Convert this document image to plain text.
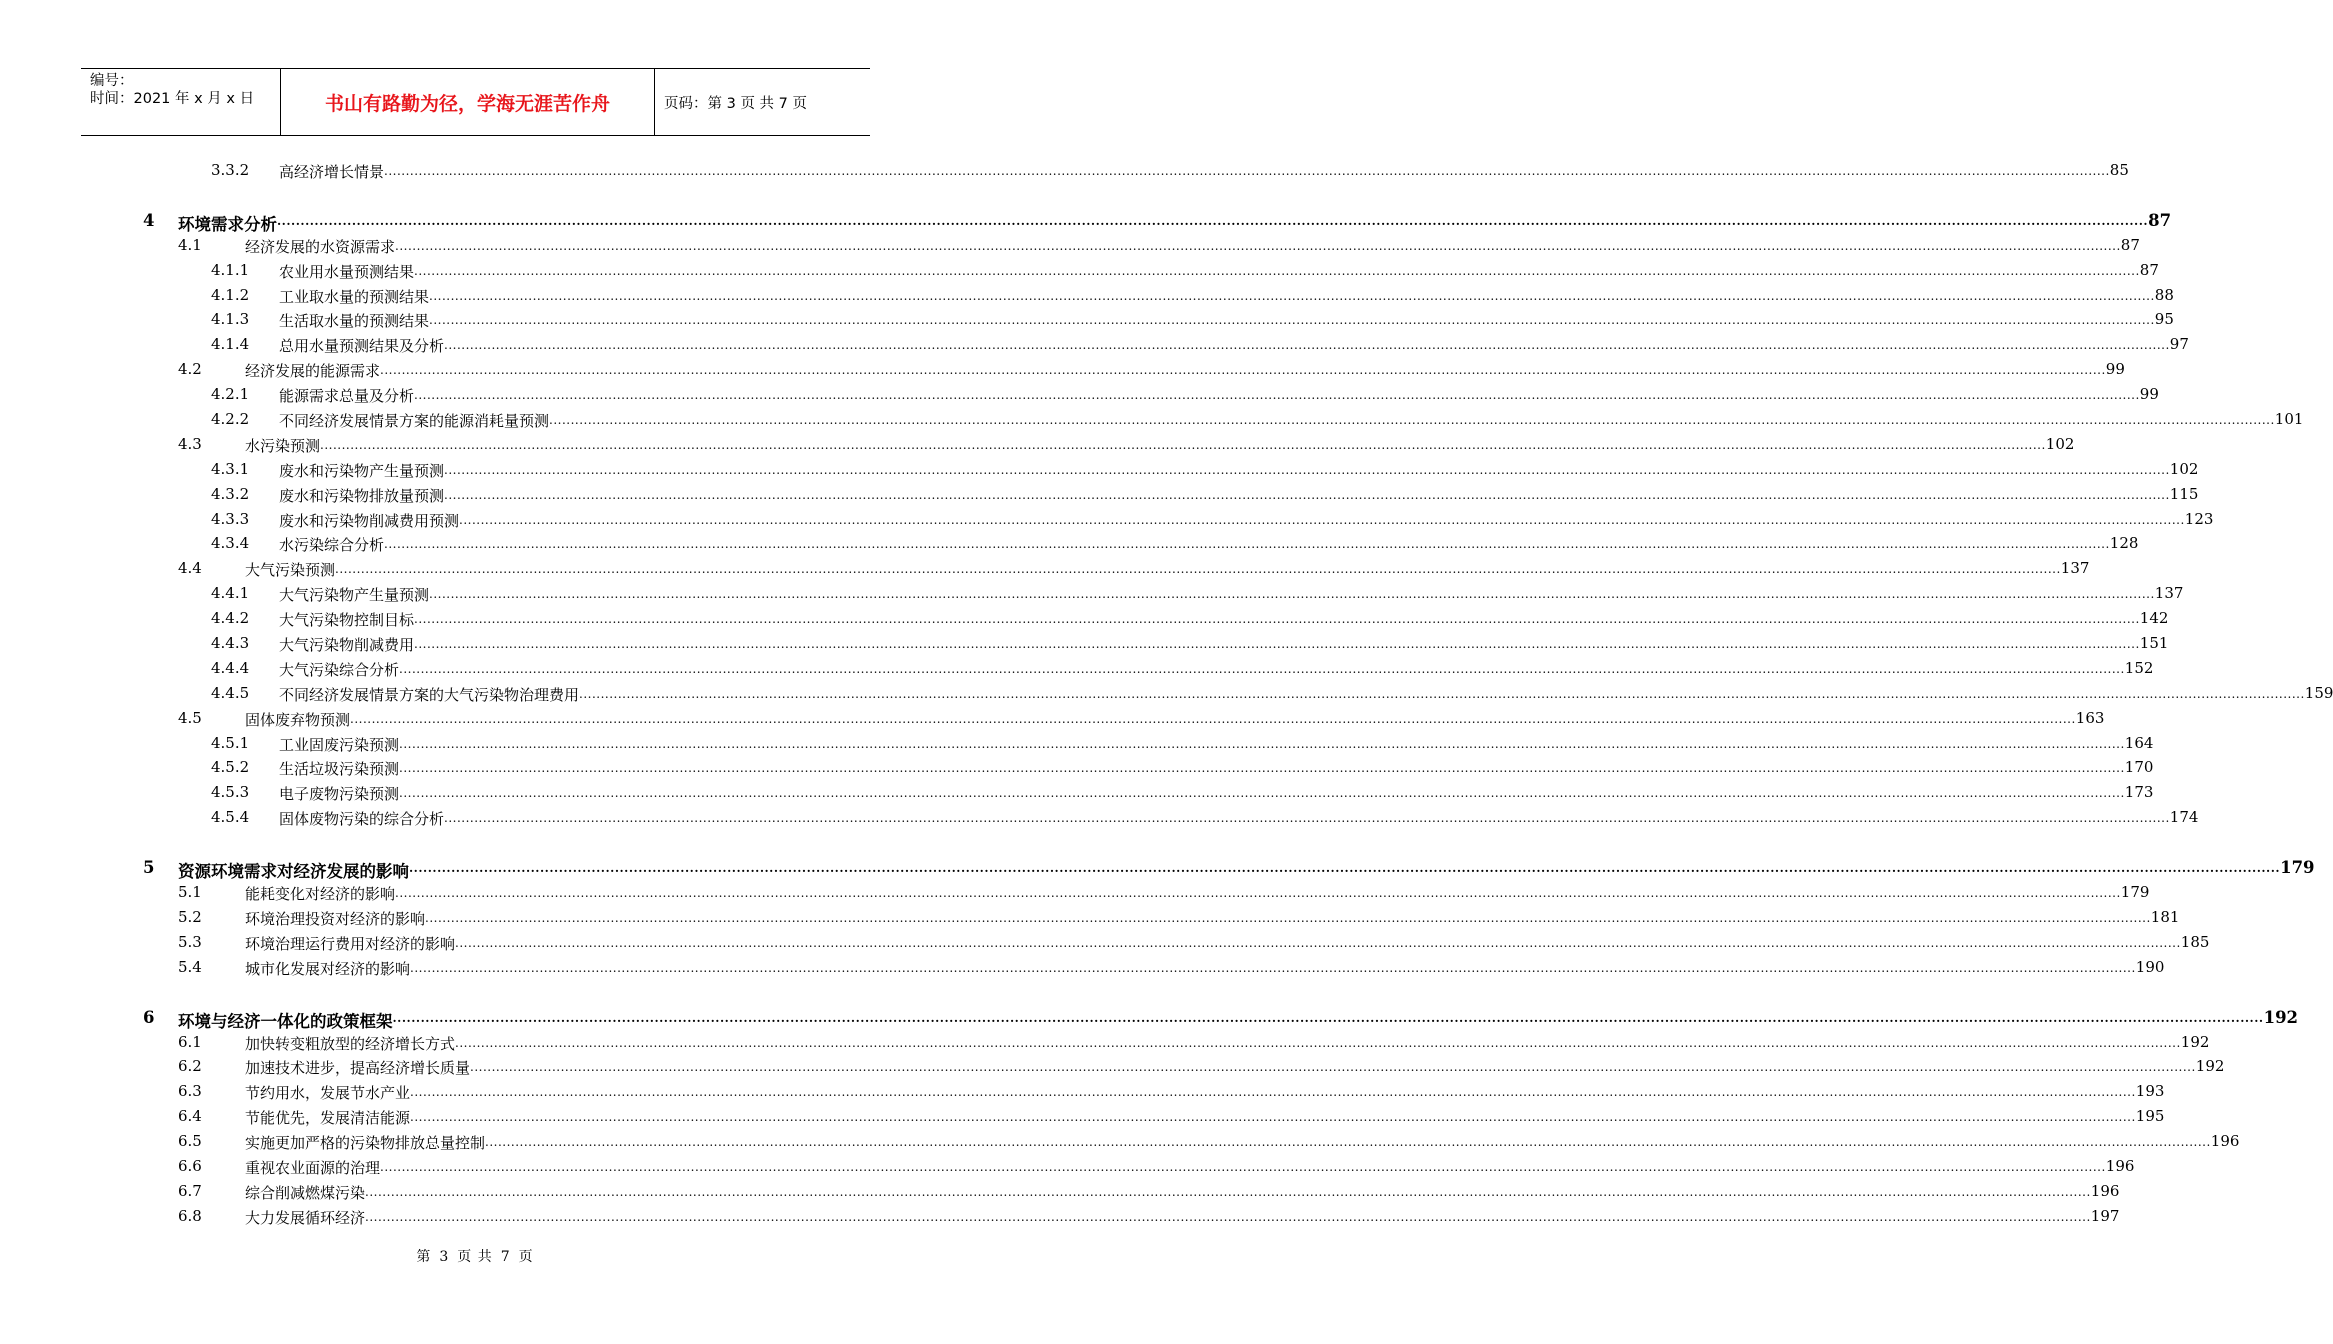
编号：
时间：2021 年 x 月 x 日	书山有路勤为径，学海无涯苦作舟	页码：第 3 页 共 7 页
3.3.2 高经济增长情景 ................................................................................................................................................................................................................................................................................................................................................................................................................ 85
4 环境需求分析 ................................................................................................................................................................................................................................................................................................................................................................................................................ 87
4.1	经济发展的水资源需求 ................................................................................................................................................................................................................................................................................................................................................................................................................ 87
4.1.1 农业用水量预测结果 ................................................................................................................................................................................................................................................................................................................................................................................................................ 87
4.1.2 工业取水量的预测结果 ................................................................................................................................................................................................................................................................................................................................................................................................................ 88
4.1.3 生活取水量的预测结果 ................................................................................................................................................................................................................................................................................................................................................................................................................ 95
4.1.4 总用水量预测结果及分析 ................................................................................................................................................................................................................................................................................................................................................................................................................ 97
4.2	经济发展的能源需求 ................................................................................................................................................................................................................................................................................................................................................................................................................ 99
4.2.1 能源需求总量及分析 ................................................................................................................................................................................................................................................................................................................................................................................................................ 99
4.2.2 不同经济发展情景方案的能源消耗量预测 ................................................................................................................................................................................................................................................................................................................................................................................................................ 101
4.3	水污染预测 ................................................................................................................................................................................................................................................................................................................................................................................................................ 102
4.3.1 废水和污染物产生量预测 ................................................................................................................................................................................................................................................................................................................................................................................................................ 102
4.3.2 废水和污染物排放量预测 ................................................................................................................................................................................................................................................................................................................................................................................................................ 115
4.3.3 废水和污染物削减费用预测 ................................................................................................................................................................................................................................................................................................................................................................................................................ 123
4.3.4 水污染综合分析 ................................................................................................................................................................................................................................................................................................................................................................................................................ 128
4.4	大气污染预测 ................................................................................................................................................................................................................................................................................................................................................................................................................ 137
4.4.1 大气污染物产生量预测 ................................................................................................................................................................................................................................................................................................................................................................................................................ 137
4.4.2 大气污染物控制目标 ................................................................................................................................................................................................................................................................................................................................................................................................................ 142
4.4.3 大气污染物削减费用 ................................................................................................................................................................................................................................................................................................................................................................................................................ 151
4.4.4 大气污染综合分析 ................................................................................................................................................................................................................................................................................................................................................................................................................ 152
4.4.5 不同经济发展情景方案的大气污染物治理费用 ................................................................................................................................................................................................................................................................................................................................................................................................................ 159
4.5	固体废弃物预测 ................................................................................................................................................................................................................................................................................................................................................................................................................ 163
4.5.1 工业固废污染预测 ................................................................................................................................................................................................................................................................................................................................................................................................................ 164
4.5.2 生活垃圾污染预测 ................................................................................................................................................................................................................................................................................................................................................................................................................ 170
4.5.3 电子废物污染预测 ................................................................................................................................................................................................................................................................................................................................................................................................................ 173
4.5.4 固体废物污染的综合分析 ................................................................................................................................................................................................................................................................................................................................................................................................................ 174
5 资源环境需求对经济发展的影响 ................................................................................................................................................................................................................................................................................................................................................................................................................ 179
5.1	能耗变化对经济的影响 ................................................................................................................................................................................................................................................................................................................................................................................................................ 179
5.2	环境治理投资对经济的影响 ................................................................................................................................................................................................................................................................................................................................................................................................................ 181
5.3	环境治理运行费用对经济的影响 ................................................................................................................................................................................................................................................................................................................................................................................................................ 185
5.4	城市化发展对经济的影响 ................................................................................................................................................................................................................................................................................................................................................................................................................ 190
6 环境与经济一体化的政策框架 ................................................................................................................................................................................................................................................................................................................................................................................................................ 192
6.1	加快转变粗放型的经济增长方式 ................................................................................................................................................................................................................................................................................................................................................................................................................ 192
6.2	加速技术进步，提高经济增长质量 ................................................................................................................................................................................................................................................................................................................................................................................................................ 192
6.3	节约用水，发展节水产业 ................................................................................................................................................................................................................................................................................................................................................................................................................ 193
6.4	节能优先，发展清洁能源 ................................................................................................................................................................................................................................................................................................................................................................................................................ 195
6.5	实施更加严格的污染物排放总量控制 ................................................................................................................................................................................................................................................................................................................................................................................................................ 196
6.6	重视农业面源的治理 ................................................................................................................................................................................................................................................................................................................................................................................................................ 196
6.7	综合削减燃煤污染 ................................................................................................................................................................................................................................................................................................................................................................................................................ 196
6.8	大力发展循环经济 ................................................................................................................................................................................................................................................................................................................................................................................................................ 197
第 3 页 共 7 页
